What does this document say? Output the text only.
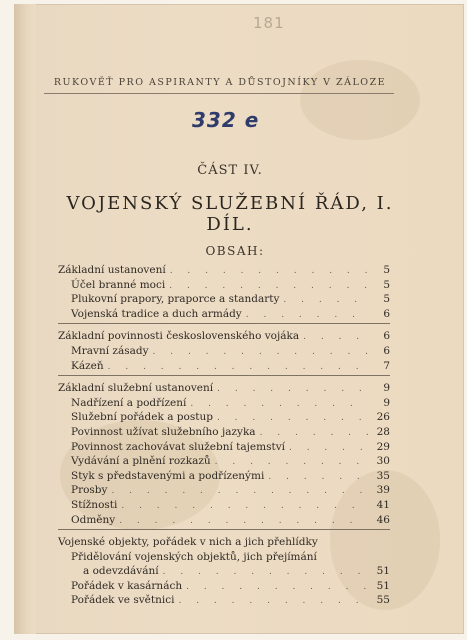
181
RUKOVĚŤ PRO ASPIRANTY A DŮSTOJNÍKY V ZÁLOZE
332 e
ČÁST IV.
VOJENSKÝ SLUŽEBNÍ ŘÁD, I. DÍL.
OBSAH:
Základní ustanovení . . .	5
Účel branné moci . . .	5
Plukovní prapory, praporce a standarty . . .	5
Vojenská tradice a duch armády . . .	6
Základní povinnosti československého vojáka . . .	6
Mravní zásady . . .	6
Kázeň . . .	7
Základní služební ustanovení . . .	9
Nadřízení a podřízení . . .	9
Služební pořádek a postup . . .	26
Povinnost užívat služebního jazyka . . .	28
Povinnost zachovávat služební tajemství . . .	29
Vydávání a plnění rozkazů . . .	30
Styk s představenými a podřízenými . . .	35
Prosby . . .	39
Stížnosti . . .	41
Odměny . . .	46
Vojenské objekty, pořádek v nich a jich přehlídky
Přidělování vojenských objektů, jich přejímání
a odevzdávání . . .	51
Pořádek v kasárnách . . .	51
Pořádek ve světnici . . .	55
